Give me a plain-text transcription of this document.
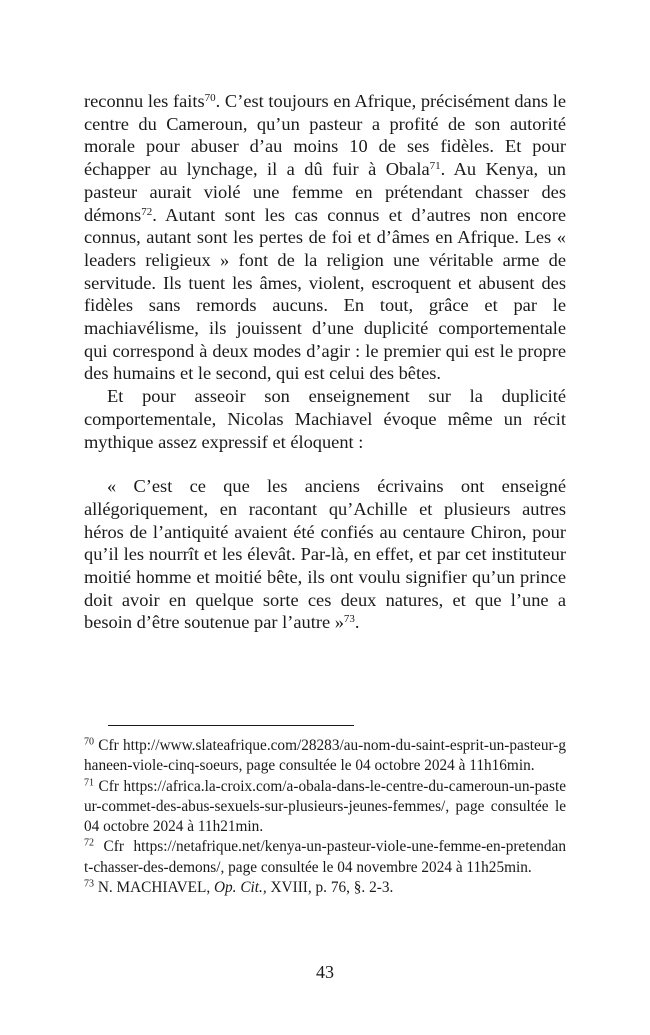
reconnu les faits$^{70}$. C’est toujours en Afrique, précisément dans le centre du Cameroun, qu’un pasteur a profité de son autorité morale pour abuser d’au moins 10 de ses fidèles. Et pour échapper au lynchage, il a dû fuir à Obala$^{71}$. Au Kenya, un pasteur aurait violé une femme en prétendant chasser des démons$^{72}$. Autant sont les cas connus et d’autres non encore connus, autant sont les pertes de foi et d’âmes en Afrique. Les « leaders religieux » font de la religion une véritable arme de servitude. Ils tuent les âmes, violent, escroquent et abusent des fidèles sans remords aucuns. En tout, grâce et par le machiavélisme, ils jouissent d’une duplicité comportementale qui correspond à deux modes d’agir : le premier qui est le propre des humains et le second, qui est celui des bêtes.

Et pour asseoir son enseignement sur la duplicité comportementale, Nicolas Machiavel évoque même un récit mythique assez expressif et éloquent :

« C’est ce que les anciens écrivains ont enseigné allégoriquement, en racontant qu’Achille et plusieurs autres héros de l’antiquité avaient été confiés au centaure Chiron, pour qu’il les nourrît et les élevât. Par-là, en effet, et par cet instituteur moitié homme et moitié bête, ils ont voulu signifier qu’un prince doit avoir en quelque sorte ces deux natures, et que l’une a besoin d’être soutenue par l’autre »$^{73}$.

$^{70}$ Cfr http://www.slateafrique.com/28283/au-nom-du-saint-esprit-un-pasteur-ghaneen-viole-cinq-soeurs, page consultée le 04 octobre 2024 à 11h16min.

$^{71}$ Cfr https://africa.la-croix.com/a-obala-dans-le-centre-du-cameroun-un-pasteur-commet-des-abus-sexuels-sur-plusieurs-jeunes-femmes/, page consultée le 04 octobre 2024 à 11h21min.

$^{72}$  Cfr  https://netafrique.net/kenya-un-pasteur-viole-une-femme-en-pretendant-chasser-des-demons/, page consultée le 04 novembre 2024 à 11h25min.

$^{73}$ N. MACHIAVEL, Op. Cit., XVIII, p. 76, §. 2-3.

43
